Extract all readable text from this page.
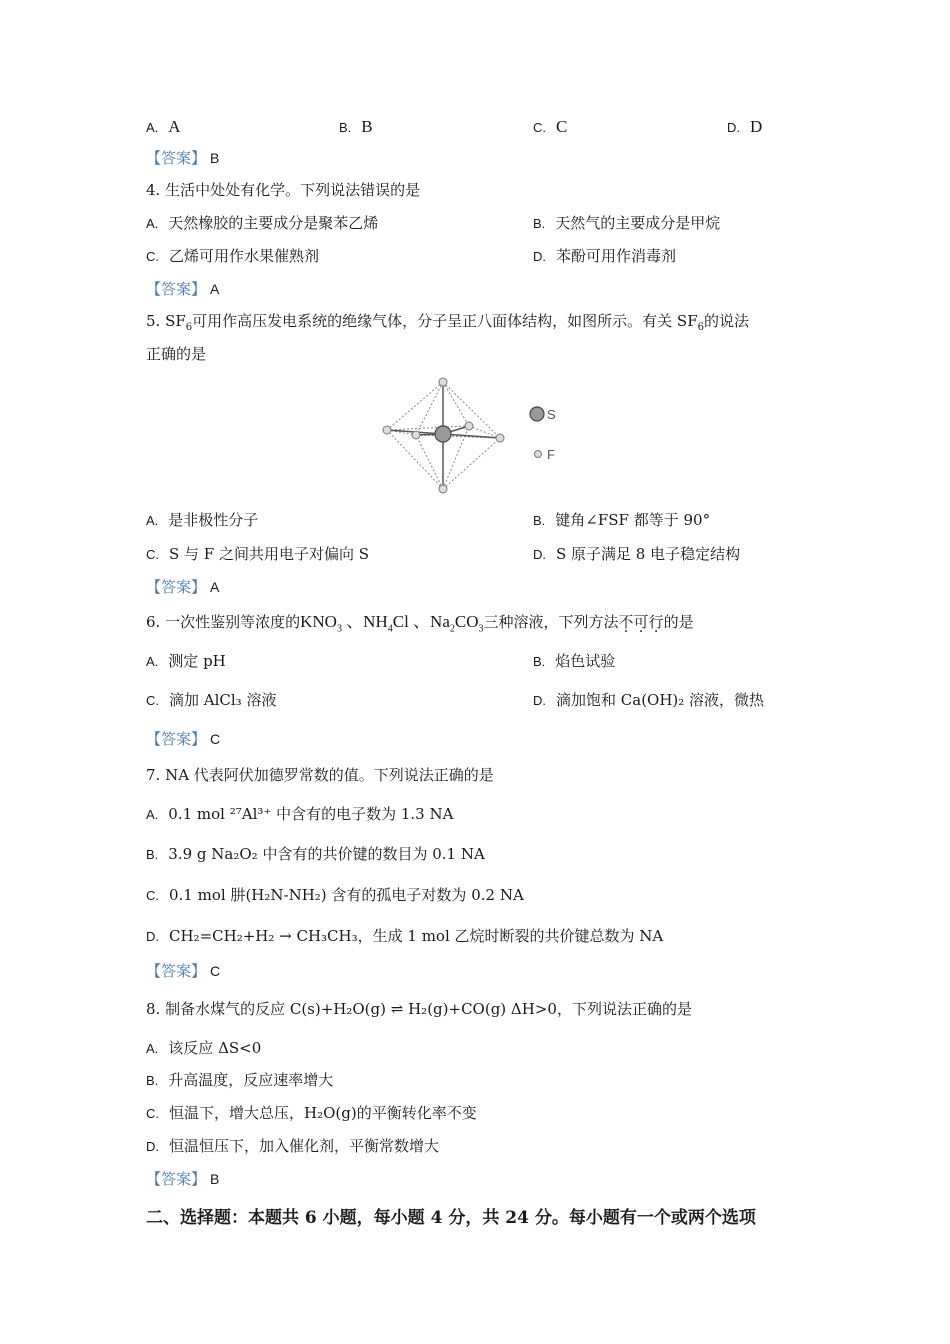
A. A	B. B	C. C	D. D
【答案】 B
4. 生活中处处有化学。下列说法错误的是
A. 天然橡胶的主要成分是聚苯乙烯	B. 天然气的主要成分是甲烷
C. 乙烯可用作水果催熟剂	D. 苯酚可用作消毒剂
【答案】 A
5. $SF_6$可用作高压发电系统的绝缘气体，分子呈正八面体结构，如图所示。有关 $SF_6$的说法
正确的是
S
F
A. 是非极性分子	B. 键角∠FSF 都等于 90°
C. S 与 F 之间共用电子对偏向 S	D. S 原子满足 8 电子稳定结构
【答案】 A
6. 一次性鉴别等浓度的$KNO_3$ 、$NH_4Cl$ 、$Na_2CO_3$三种溶液，下列方法不可行的是
A. 测定 pH	B. 焰色试验
C. 滴加 AlCl₃ 溶液	D. 滴加饱和 Ca(OH)₂ 溶液，微热
【答案】 C
7. NA 代表阿伏加德罗常数的值。下列说法正确的是
A. 0.1 mol ²⁷Al³⁺ 中含有的电子数为 1.3 NA
B. 3.9 g Na₂O₂ 中含有的共价键的数目为 0.1 NA
C. 0.1 mol 肼(H₂N-NH₂) 含有的孤电子对数为 0.2 NA
D. CH₂=CH₂+H₂ → CH₃CH₃，生成 1 mol 乙烷时断裂的共价键总数为 NA
【答案】 C
8. 制备水煤气的反应 C(s)+H₂O(g) ⇌ H₂(g)+CO(g) ΔH>0，下列说法正确的是
A. 该反应 ΔS<0
B. 升高温度，反应速率增大
C. 恒温下，增大总压，H₂O(g)的平衡转化率不变
D. 恒温恒压下，加入催化剂，平衡常数增大
【答案】 B
二、选择题：本题共 6 小题，每小题 4 分，共 24 分。每小题有一个或两个选项
